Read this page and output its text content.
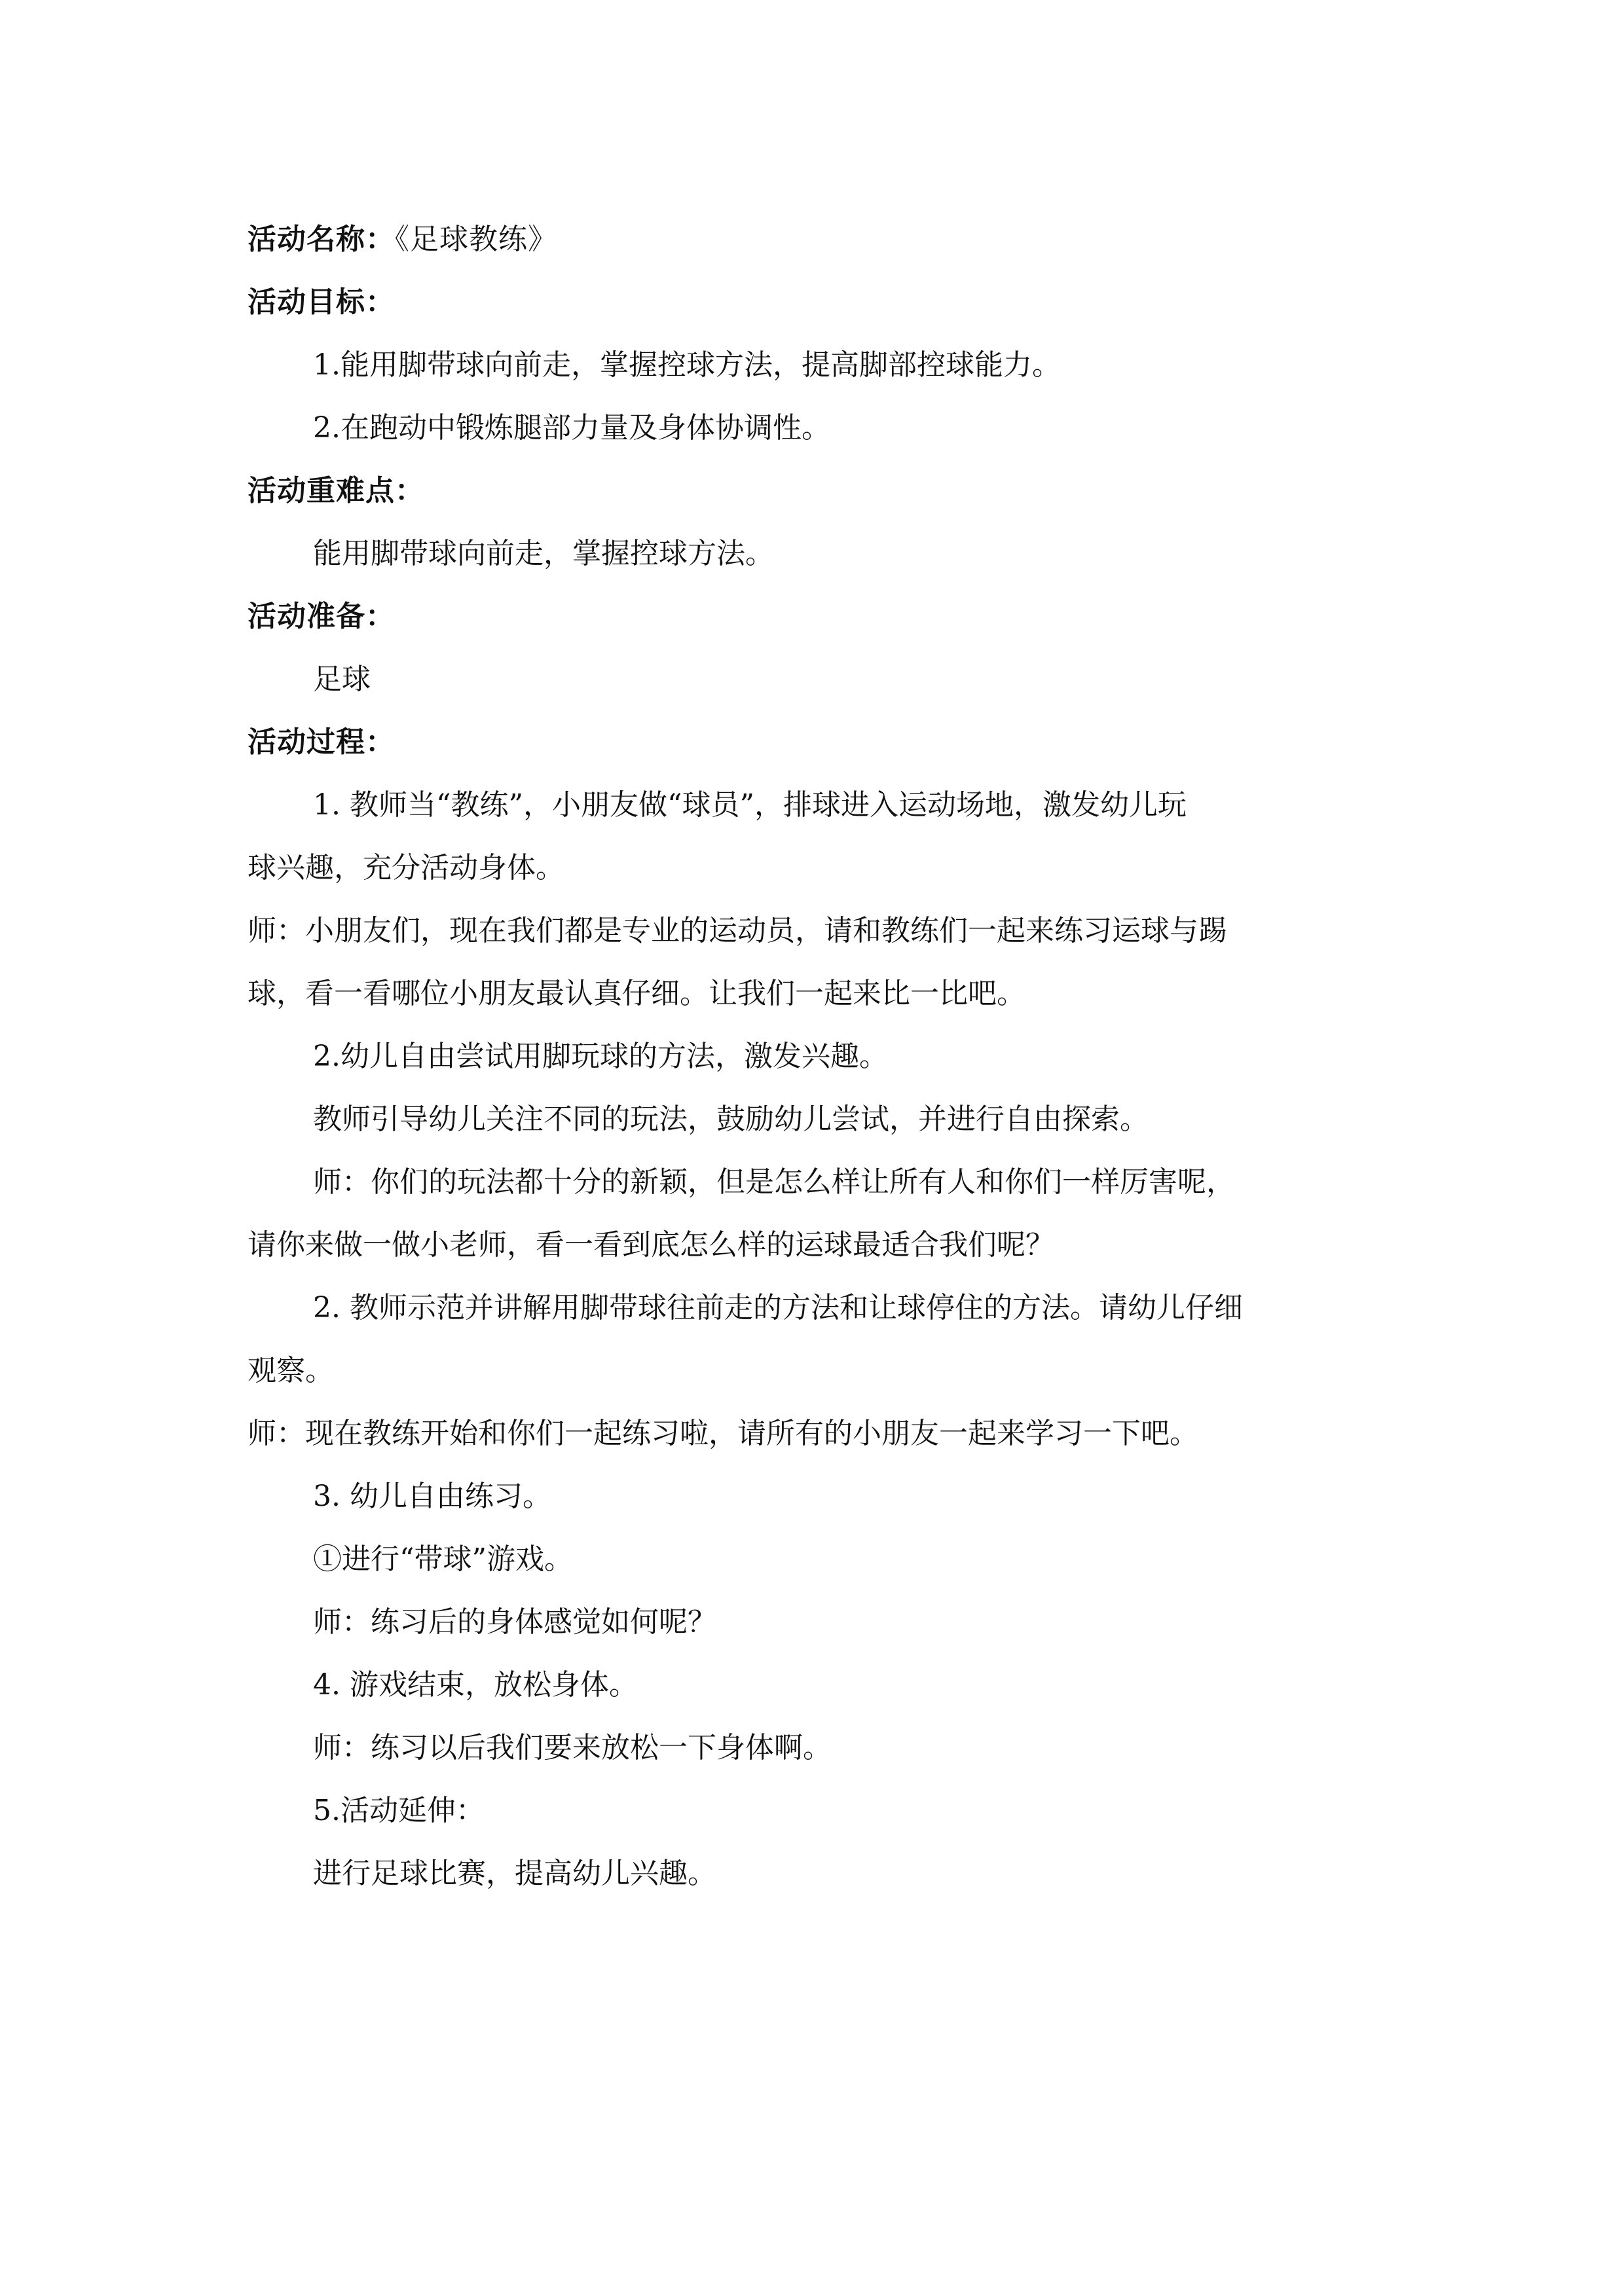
活动名称：《足球教练》

活动目标：

1.能用脚带球向前走，掌握控球方法，提高脚部控球能力。

2.在跑动中锻炼腿部力量及身体协调性。

活动重难点：

能用脚带球向前走，掌握控球方法。

活动准备：

足球

活动过程：

1. 教师当“教练”，小朋友做“球员”，排球进入运动场地，激发幼儿玩

球兴趣，充分活动身体。

师：小朋友们，现在我们都是专业的运动员，请和教练们一起来练习运球与踢

球，看一看哪位小朋友最认真仔细。让我们一起来比一比吧。

2.幼儿自由尝试用脚玩球的方法，激发兴趣。

教师引导幼儿关注不同的玩法，鼓励幼儿尝试，并进行自由探索。

师：你们的玩法都十分的新颖，但是怎么样让所有人和你们一样厉害呢，

请你来做一做小老师，看一看到底怎么样的运球最适合我们呢？

2. 教师示范并讲解用脚带球往前走的方法和让球停住的方法。请幼儿仔细

观察。

师：现在教练开始和你们一起练习啦，请所有的小朋友一起来学习一下吧。

3. 幼儿自由练习。

①进行“带球”游戏。

师：练习后的身体感觉如何呢？

4. 游戏结束，放松身体。

师：练习以后我们要来放松一下身体啊。

5.活动延伸：

进行足球比赛，提高幼儿兴趣。
